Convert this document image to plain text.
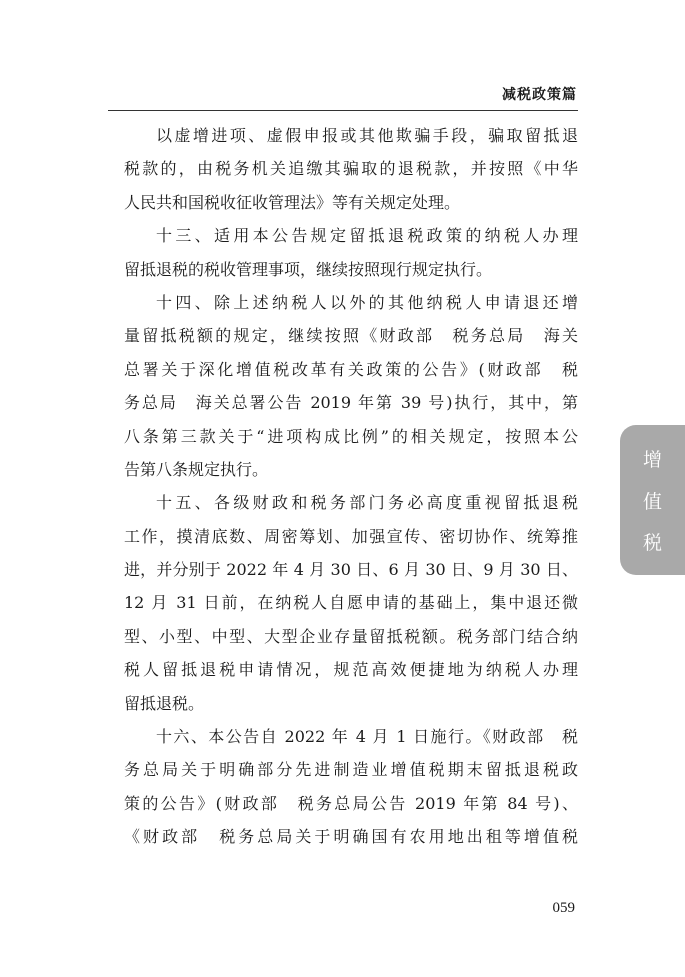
减税政策篇
以虚增进项、虚假申报或其他欺骗手段，骗取留抵退
税款的，由税务机关追缴其骗取的退税款，并按照《中华
人民共和国税收征收管理法》等有关规定处理。
十三、适用本公告规定留抵退税政策的纳税人办理
留抵退税的税收管理事项，继续按照现行规定执行。
十四、除上述纳税人以外的其他纳税人申请退还增
量留抵税额的规定，继续按照《财政部　税务总局　海关
总署关于深化增值税改革有关政策的公告》(财政部　税
务总局　海关总署公告 2019 年第 39 号)执行，其中，第
八条第三款关于“进项构成比例”的相关规定，按照本公
告第八条规定执行。
十五、各级财政和税务部门务必高度重视留抵退税
工作，摸清底数、周密筹划、加强宣传、密切协作、统筹推
进，并分别于 2022 年 4 月 30 日、6 月 30 日、9 月 30 日、
12 月 31 日前，在纳税人自愿申请的基础上，集中退还微
型、小型、中型、大型企业存量留抵税额。税务部门结合纳
税人留抵退税申请情况，规范高效便捷地为纳税人办理
留抵退税。
十六、本公告自 2022 年 4 月 1 日施行。《财政部　税
务总局关于明确部分先进制造业增值税期末留抵退税政
策的公告》(财政部　税务总局公告 2019 年第 84 号)、
《财政部　税务总局关于明确国有农用地出租等增值税
增
值
税
059
